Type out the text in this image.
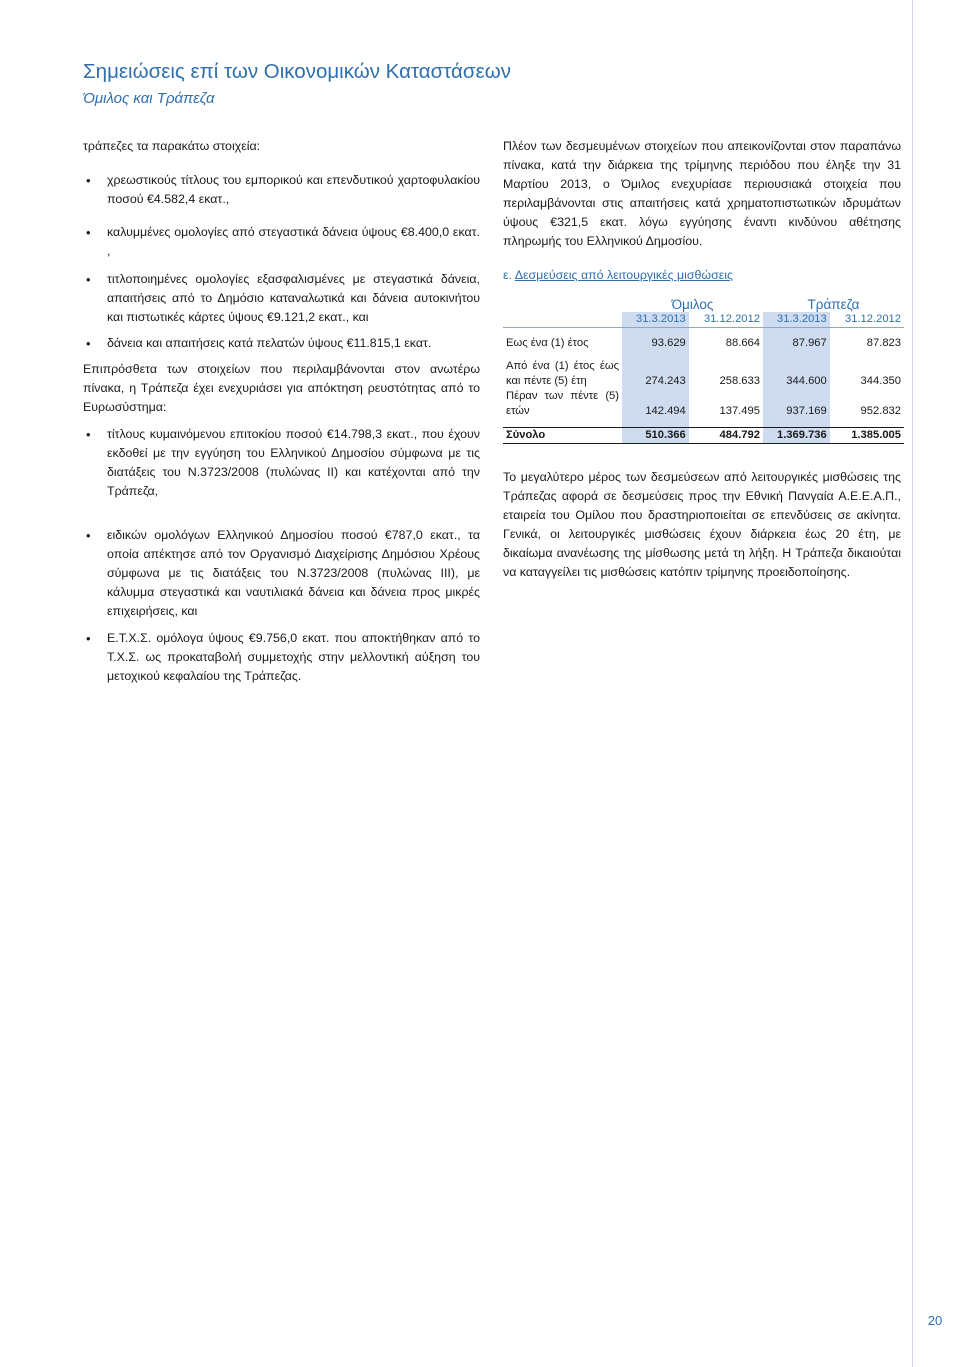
Σημειώσεις επί των Οικονομικών Καταστάσεων
Όμιλος και Τράπεζα

τράπεζες τα παρακάτω στοιχεία:

• χρεωστικούς τίτλους του εμπορικού και επενδυτικού χαρτοφυλακίου ποσού €4.582,4 εκατ.,
• καλυμμένες ομολογίες από στεγαστικά δάνεια ύψους €8.400,0 εκατ. ,
• τιτλοποιημένες ομολογίες εξασφαλισμένες με στεγαστικά δάνεια, απαιτήσεις από το Δημόσιο καταναλωτικά και δάνεια αυτοκινήτου και πιστωτικές κάρτες ύψους €9.121,2 εκατ., και
• δάνεια και απαιτήσεις κατά πελατών ύψους €11.815,1 εκατ.

Επιπρόσθετα των στοιχείων που περιλαμβάνονται στον ανωτέρω πίνακα, η Τράπεζα έχει ενεχυριάσει για απόκτηση ρευστότητας από το Ευρωσύστημα:

• τίτλους κυμαινόμενου επιτοκίου ποσού €14.798,3 εκατ., που έχουν εκδοθεί με την εγγύηση του Ελληνικού Δημοσίου σύμφωνα με τις διατάξεις του Ν.3723/2008 (πυλώνας ΙΙ) και κατέχονται από την Τράπεζα,
• ειδικών ομολόγων Ελληνικού Δημοσίου ποσού €787,0 εκατ., τα οποία απέκτησε από τον Οργανισμό Διαχείρισης Δημόσιου Χρέους σύμφωνα με τις διατάξεις του Ν.3723/2008 (πυλώνας ΙΙΙ), με κάλυμμα στεγαστικά και ναυτιλιακά δάνεια και δάνεια προς μικρές επιχειρήσεις, και
• Ε.Τ.Χ.Σ. ομόλογα ύψους €9.756,0 εκατ. που αποκτήθηκαν από το Τ.Χ.Σ. ως προκαταβολή συμμετοχής στην μελλοντική αύξηση του μετοχικού κεφαλαίου της Τράπεζας.

Πλέον των δεσμευμένων στοιχείων που απεικονίζονται στον παραπάνω πίνακα, κατά την διάρκεια της τρίμηνης περιόδου που έληξε την 31 Μαρτίου 2013, ο Όμιλος ενεχυρίασε περιουσιακά στοιχεία που περιλαμβάνονται στις απαιτήσεις κατά χρηματοπιστωτικών ιδρυμάτων ύψους €321,5 εκατ. λόγω εγγύησης έναντι κινδύνου αθέτησης πληρωμής του Ελληνικού Δημοσίου.

ε. Δεσμεύσεις από λειτουργικές μισθώσεις

	Όμιλος		Τράπεζα	
	31.3.2013	31.12.2012	31.3.2013	31.12.2012

Εως ένα (1) έτος	93.629	88.664	87.967	87.823

Από ένα (1) έτος έως και πέντε (5) έτη	274.243	258.633	344.600	344.350
Πέραν των πέντε (5) ετών	142.494	137.495	937.169	952.832

Σύνολο	510.366	484.792	1.369.736	1.385.005

Το μεγαλύτερο μέρος των δεσμεύσεων από λειτουργικές μισθώσεις της Τράπεζας αφορά σε δεσμεύσεις προς την Εθνική Πανγαία Α.Ε.Ε.Α.Π., εταιρεία του Ομίλου που δραστηριοποιείται σε επενδύσεις σε ακίνητα. Γενικά, οι λειτουργικές μισθώσεις έχουν διάρκεια έως 20 έτη, με δικαίωμα ανανέωσης της μίσθωσης μετά τη λήξη. Η Τράπεζα δικαιούται να καταγγείλει τις μισθώσεις κατόπιν τρίμηνης προειδοποίησης.

20
